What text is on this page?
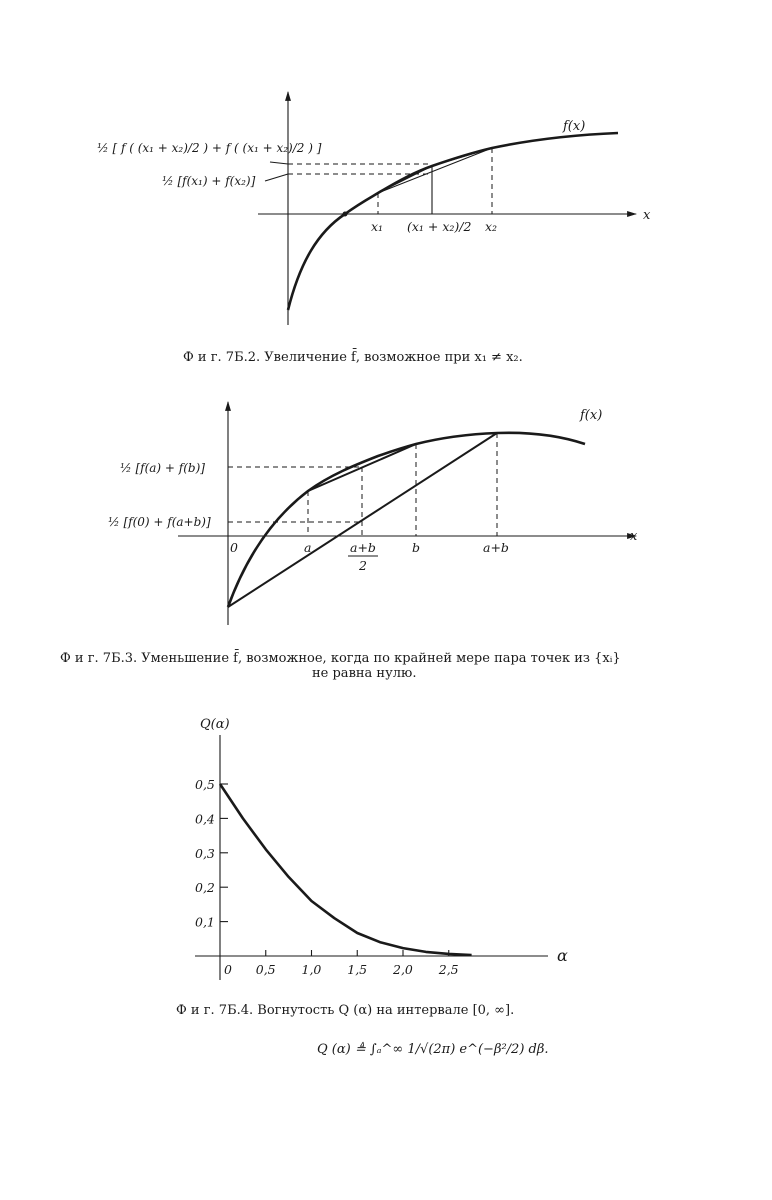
f(x)
x
½ [ f ( (x₁ + x₂)/2 ) + f ( (x₁ + x₂)/2 ) ]
½ [f(x₁) + f(x₂)]
x₁ (x₁ + x₂)/2 x₂
Ф и г. 7Б.2. Увеличение f̄, возможное при x₁ ≠ x₂.
f(x)
x
½ [f(a) + f(b)]
½ [f(0) + f(a+b)]
0	a	a+b
2
b	a+b
Ф и г. 7Б.3. Уменьшение f̄, возможное, когда по крайней мере пара точек из {xᵢ}
не равна нулю.
Q(α)
α
0 0,5 1,0 1,5 2,0 2,5
0,1
0,2
0,3
0,4
0,5
Ф и г. 7Б.4. Вогнутость Q (α) на интервале [0, ∞].
Q (α) ≜ ∫ₐ^∞ 1/√(2π) e^(−β²/2) dβ.
